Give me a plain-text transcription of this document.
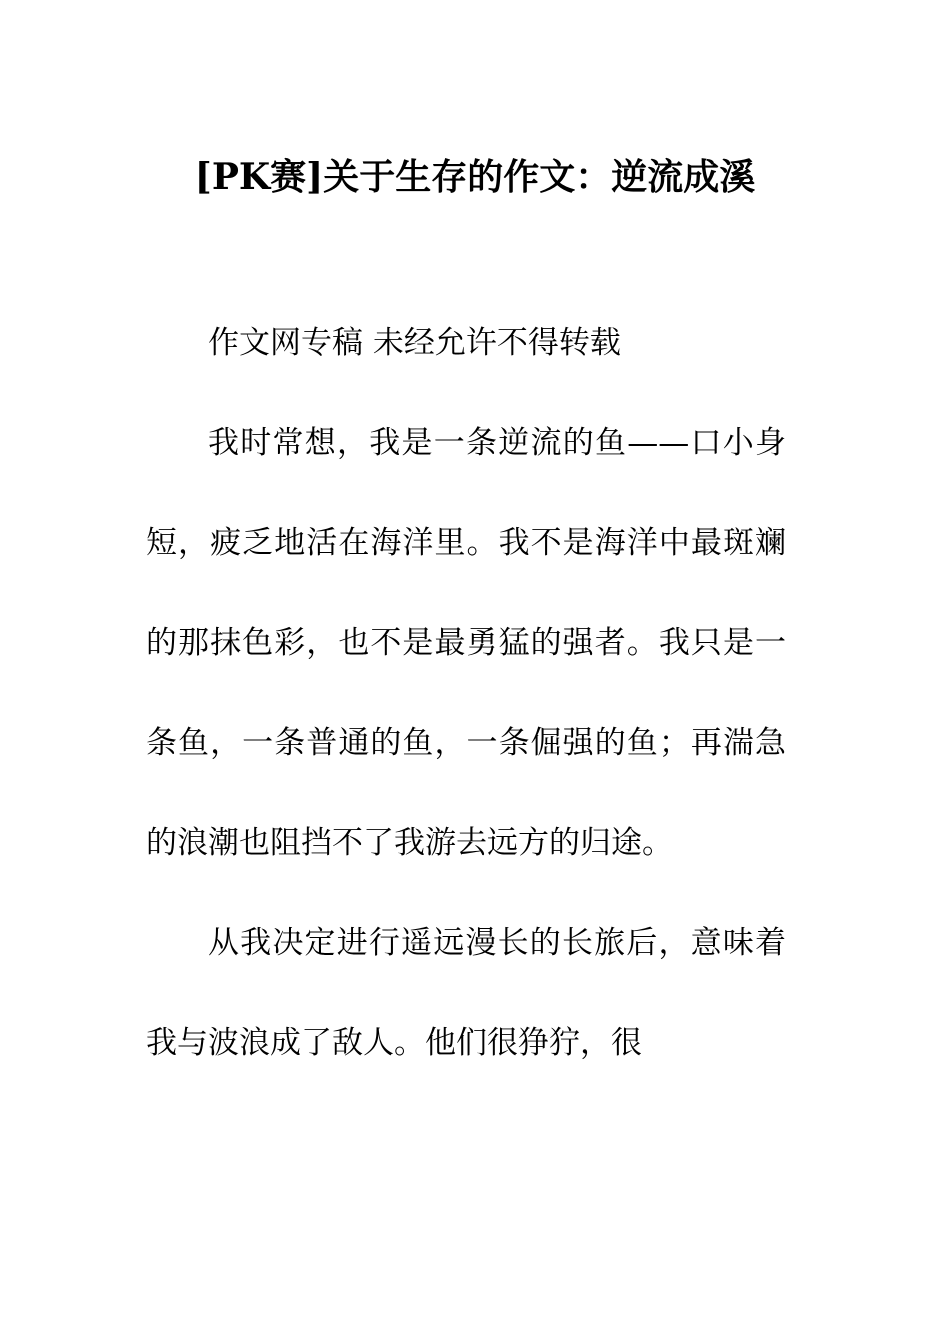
[PK赛]关于生存的作文：逆流成溪

作文网专稿 未经允许不得转载

我时常想，我是一条逆流的鱼——口小身短，疲乏地活在海洋里。我不是海洋中最斑斓的那抹色彩，也不是最勇猛的强者。我只是一条鱼，一条普通的鱼，一条倔强的鱼；再湍急的浪潮也阻挡不了我游去远方的归途。

从我决定进行遥远漫长的长旅后，意味着我与波浪成了敌人。他们很狰狞，很
